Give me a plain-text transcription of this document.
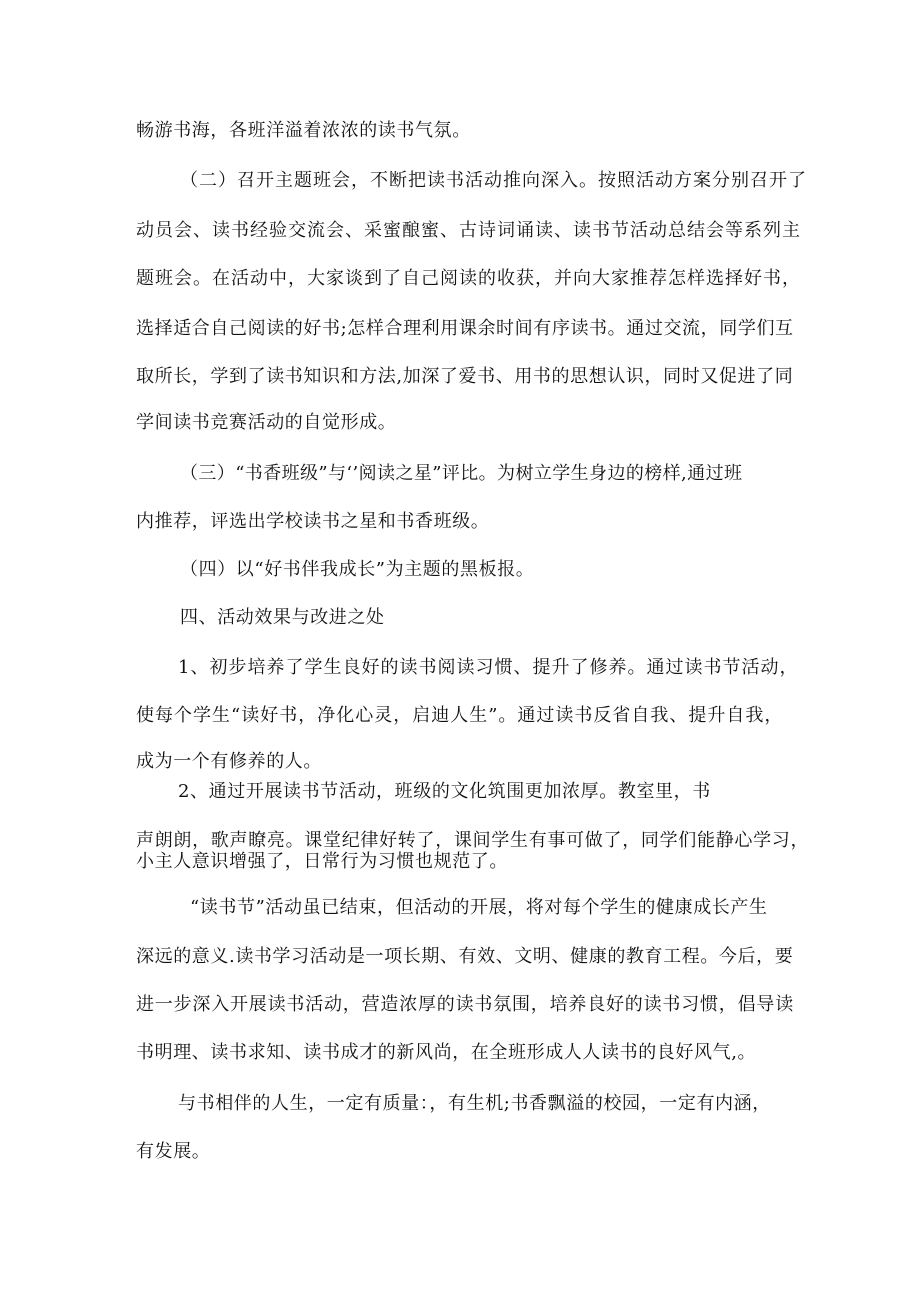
畅游书海，各班洋溢着浓浓的读书气氛。
（二）召开主题班会，不断把读书活动推向深入。按照活动方案分别召开了
动员会、读书经验交流会、采蜜酿蜜、古诗词诵读、读书节活动总结会等系列主
题班会。在活动中，大家谈到了自己阅读的收获，并向大家推荐怎样选择好书，
选择适合自己阅读的好书;怎样合理利用课余时间有序读书。通过交流，同学们互
取所长，学到了读书知识和方法,加深了爱书、用书的思想认识，同时又促进了同
学间读书竞赛活动的自觉形成。
（三）“书香班级”与‘’阅读之星”评比。为树立学生身边的榜样,通过班
内推荐，评选出学校读书之星和书香班级。
（四）以“好书伴我成长”为主题的黑板报。
四、活动效果与改进之处
1、初步培养了学生良好的读书阅读习惯、提升了修养。通过读书节活动，
使每个学生“读好书，净化心灵，启迪人生”。通过读书反省自我、提升自我，
成为一个有修养的人。
2、通过开展读书节活动，班级的文化筑围更加浓厚。教室里，书
声朗朗，歌声瞭亮。课堂纪律好转了，课间学生有事可做了，同学们能静心学习，
小主人意识增强了，日常行为习惯也规范了。
“读书节”活动虽已结束，但活动的开展，将对每个学生的健康成长产生
深远的意义.读书学习活动是一项长期、有效、文明、健康的教育工程。今后，要
进一步深入开展读书活动，营造浓厚的读书氛围，培养良好的读书习惯，倡导读
书明理、读书求知、读书成才的新风尚，在全班形成人人读书的良好风气,。
与书相伴的人生，一定有质量：，有生机;书香飘溢的校园，一定有内涵，
有发展。
